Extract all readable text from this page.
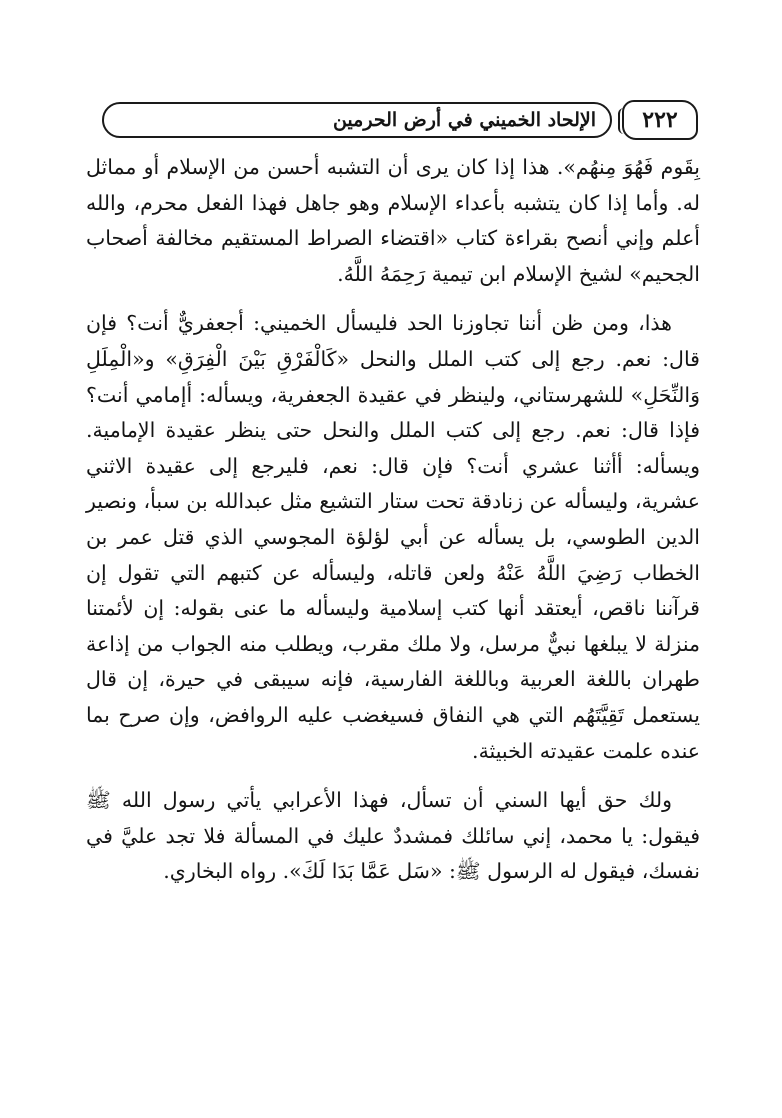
٢٢٢
الإلحاد الخميني في أرض الحرمين

بِقَوم فَهُوَ مِنهُم». هذا إذا كان يرى أن التشبه أحسن من الإسلام أو مماثل له. وأما إذا كان يتشبه بأعداء الإسلام وهو جاهل فهذا الفعل محرم، والله أعلم وإني أنصح بقراءة كتاب «اقتضاء الصراط المستقيم مخالفة أصحاب الجحيم» لشيخ الإسلام ابن تيمية رَحِمَهُ اللَّهُ.

هذا، ومن ظن أننا تجاوزنا الحد فليسأل الخميني: أجعفريٌّ أنت؟ فإن قال: نعم. رجع إلى كتب الملل والنحل «كَالْفَرْقِ بَيْنَ الْفِرَقِ» و«الْمِلَلِ وَالنِّحَلِ» للشهرستاني، ولينظر في عقيدة الجعفرية، ويسأله: أإمامي أنت؟ فإذا قال: نعم. رجع إلى كتب الملل والنحل حتى ينظر عقيدة الإمامية. ويسأله: أأثنا عشري أنت؟ فإن قال: نعم، فليرجع إلى عقيدة الاثني عشرية، وليسأله عن زنادقة تحت ستار التشيع مثل عبدالله بن سبأ، ونصير الدين الطوسي، بل يسأله عن أبي لؤلؤة المجوسي الذي قتل عمر بن الخطاب رَضِيَ اللَّهُ عَنْهُ ولعن قاتله، وليسأله عن كتبهم التي تقول إن قرآننا ناقص، أيعتقد أنها كتب إسلامية وليسأله ما عنى بقوله: إن لأئمتنا منزلة لا يبلغها نبيٌّ مرسل، ولا ملك مقرب، ويطلب منه الجواب من إذاعة طهران باللغة العربية وباللغة الفارسية، فإنه سيبقى في حيرة، إن قال يستعمل تَقِيَّتَهُم التي هي النفاق فسيغضب عليه الروافض، وإن صرح بما عنده علمت عقيدته الخبيثة.

ولك حق أيها السني أن تسأل، فهذا الأعرابي يأتي رسول الله ﷺ فيقول: يا محمد، إني سائلك فمشددٌ عليك في المسألة فلا تجد عليَّ في نفسك، فيقول له الرسول ﷺ: «سَل عَمَّا بَدَا لَكَ». رواه البخاري.
